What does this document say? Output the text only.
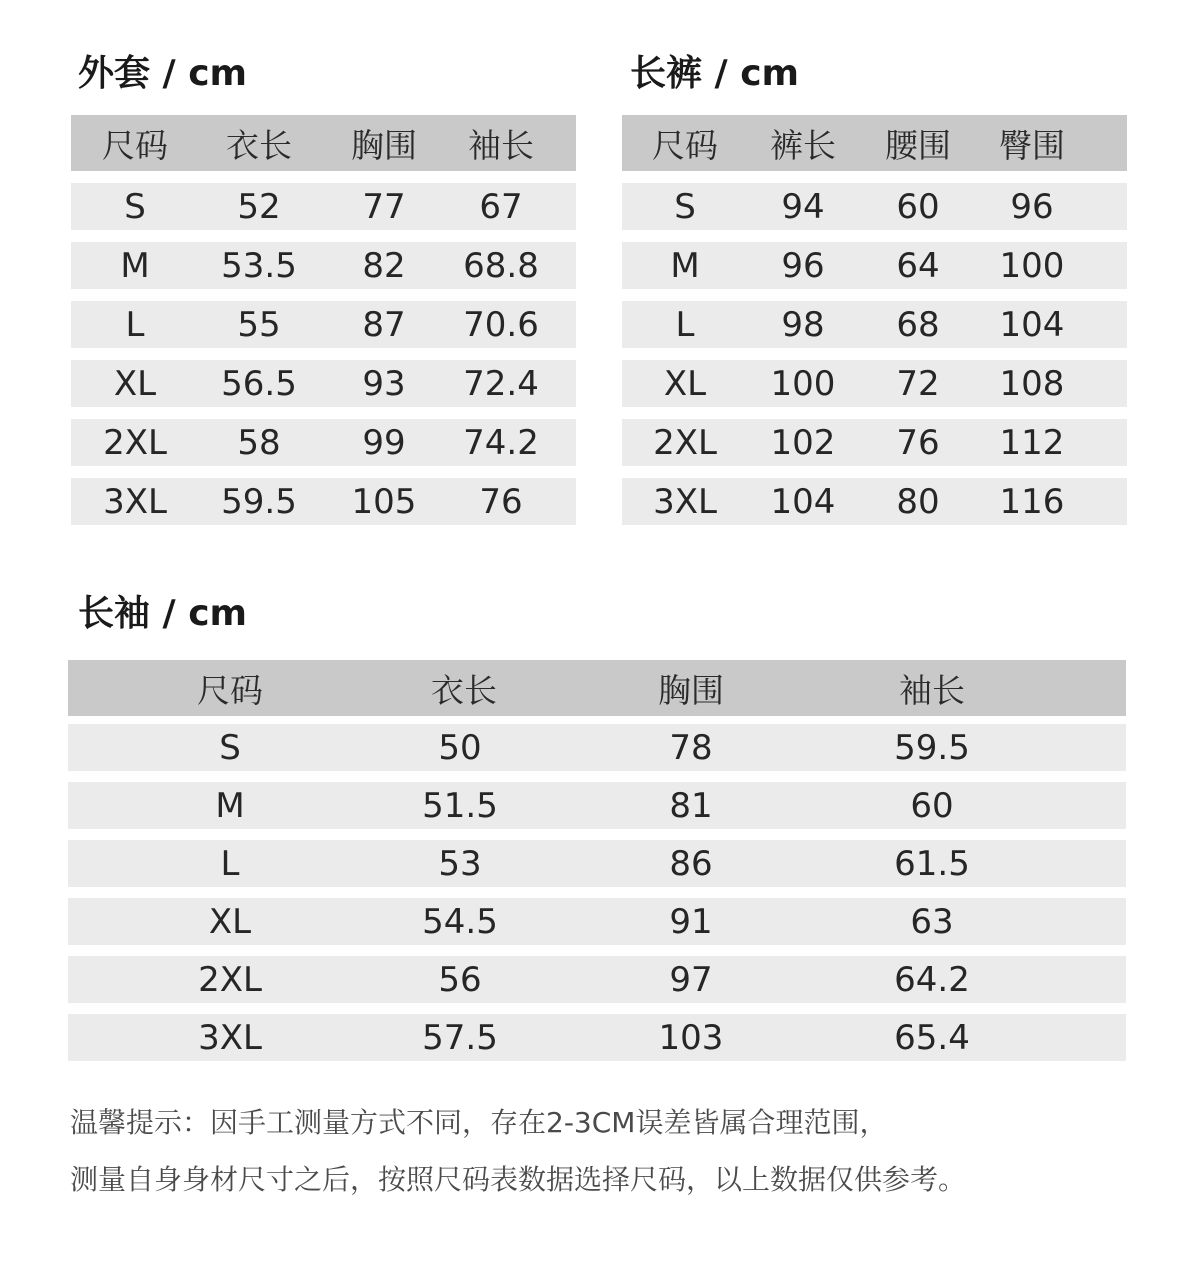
外套 / cm
尺码 衣长 胸围 袖长
S	52 77 67
M 53.5 82 68.8
L	55 87 70.6
XL 56.5 93 72.4
2XL 58 99 74.2
3XL 59.5 105 76
长裤 / cm
尺码 裤长 腰围 臀围
S	94 60 96
M 96 64 100
L	98 68 104
XL 100 72 108
2XL 102 76 112
3XL 104 80 116
长袖 / cm
尺码	衣长	胸围	袖长
S	50	78	59.5
M	51.5	81	60
L	53	86	61.5
XL	54.5	91	63
2XL	56	97	64.2
3XL	57.5	103	65.4
温馨提示：因手工测量方式不同，存在2-3CM误差皆属合理范围，
测量自身身材尺寸之后，按照尺码表数据选择尺码，以上数据仅供参考。
